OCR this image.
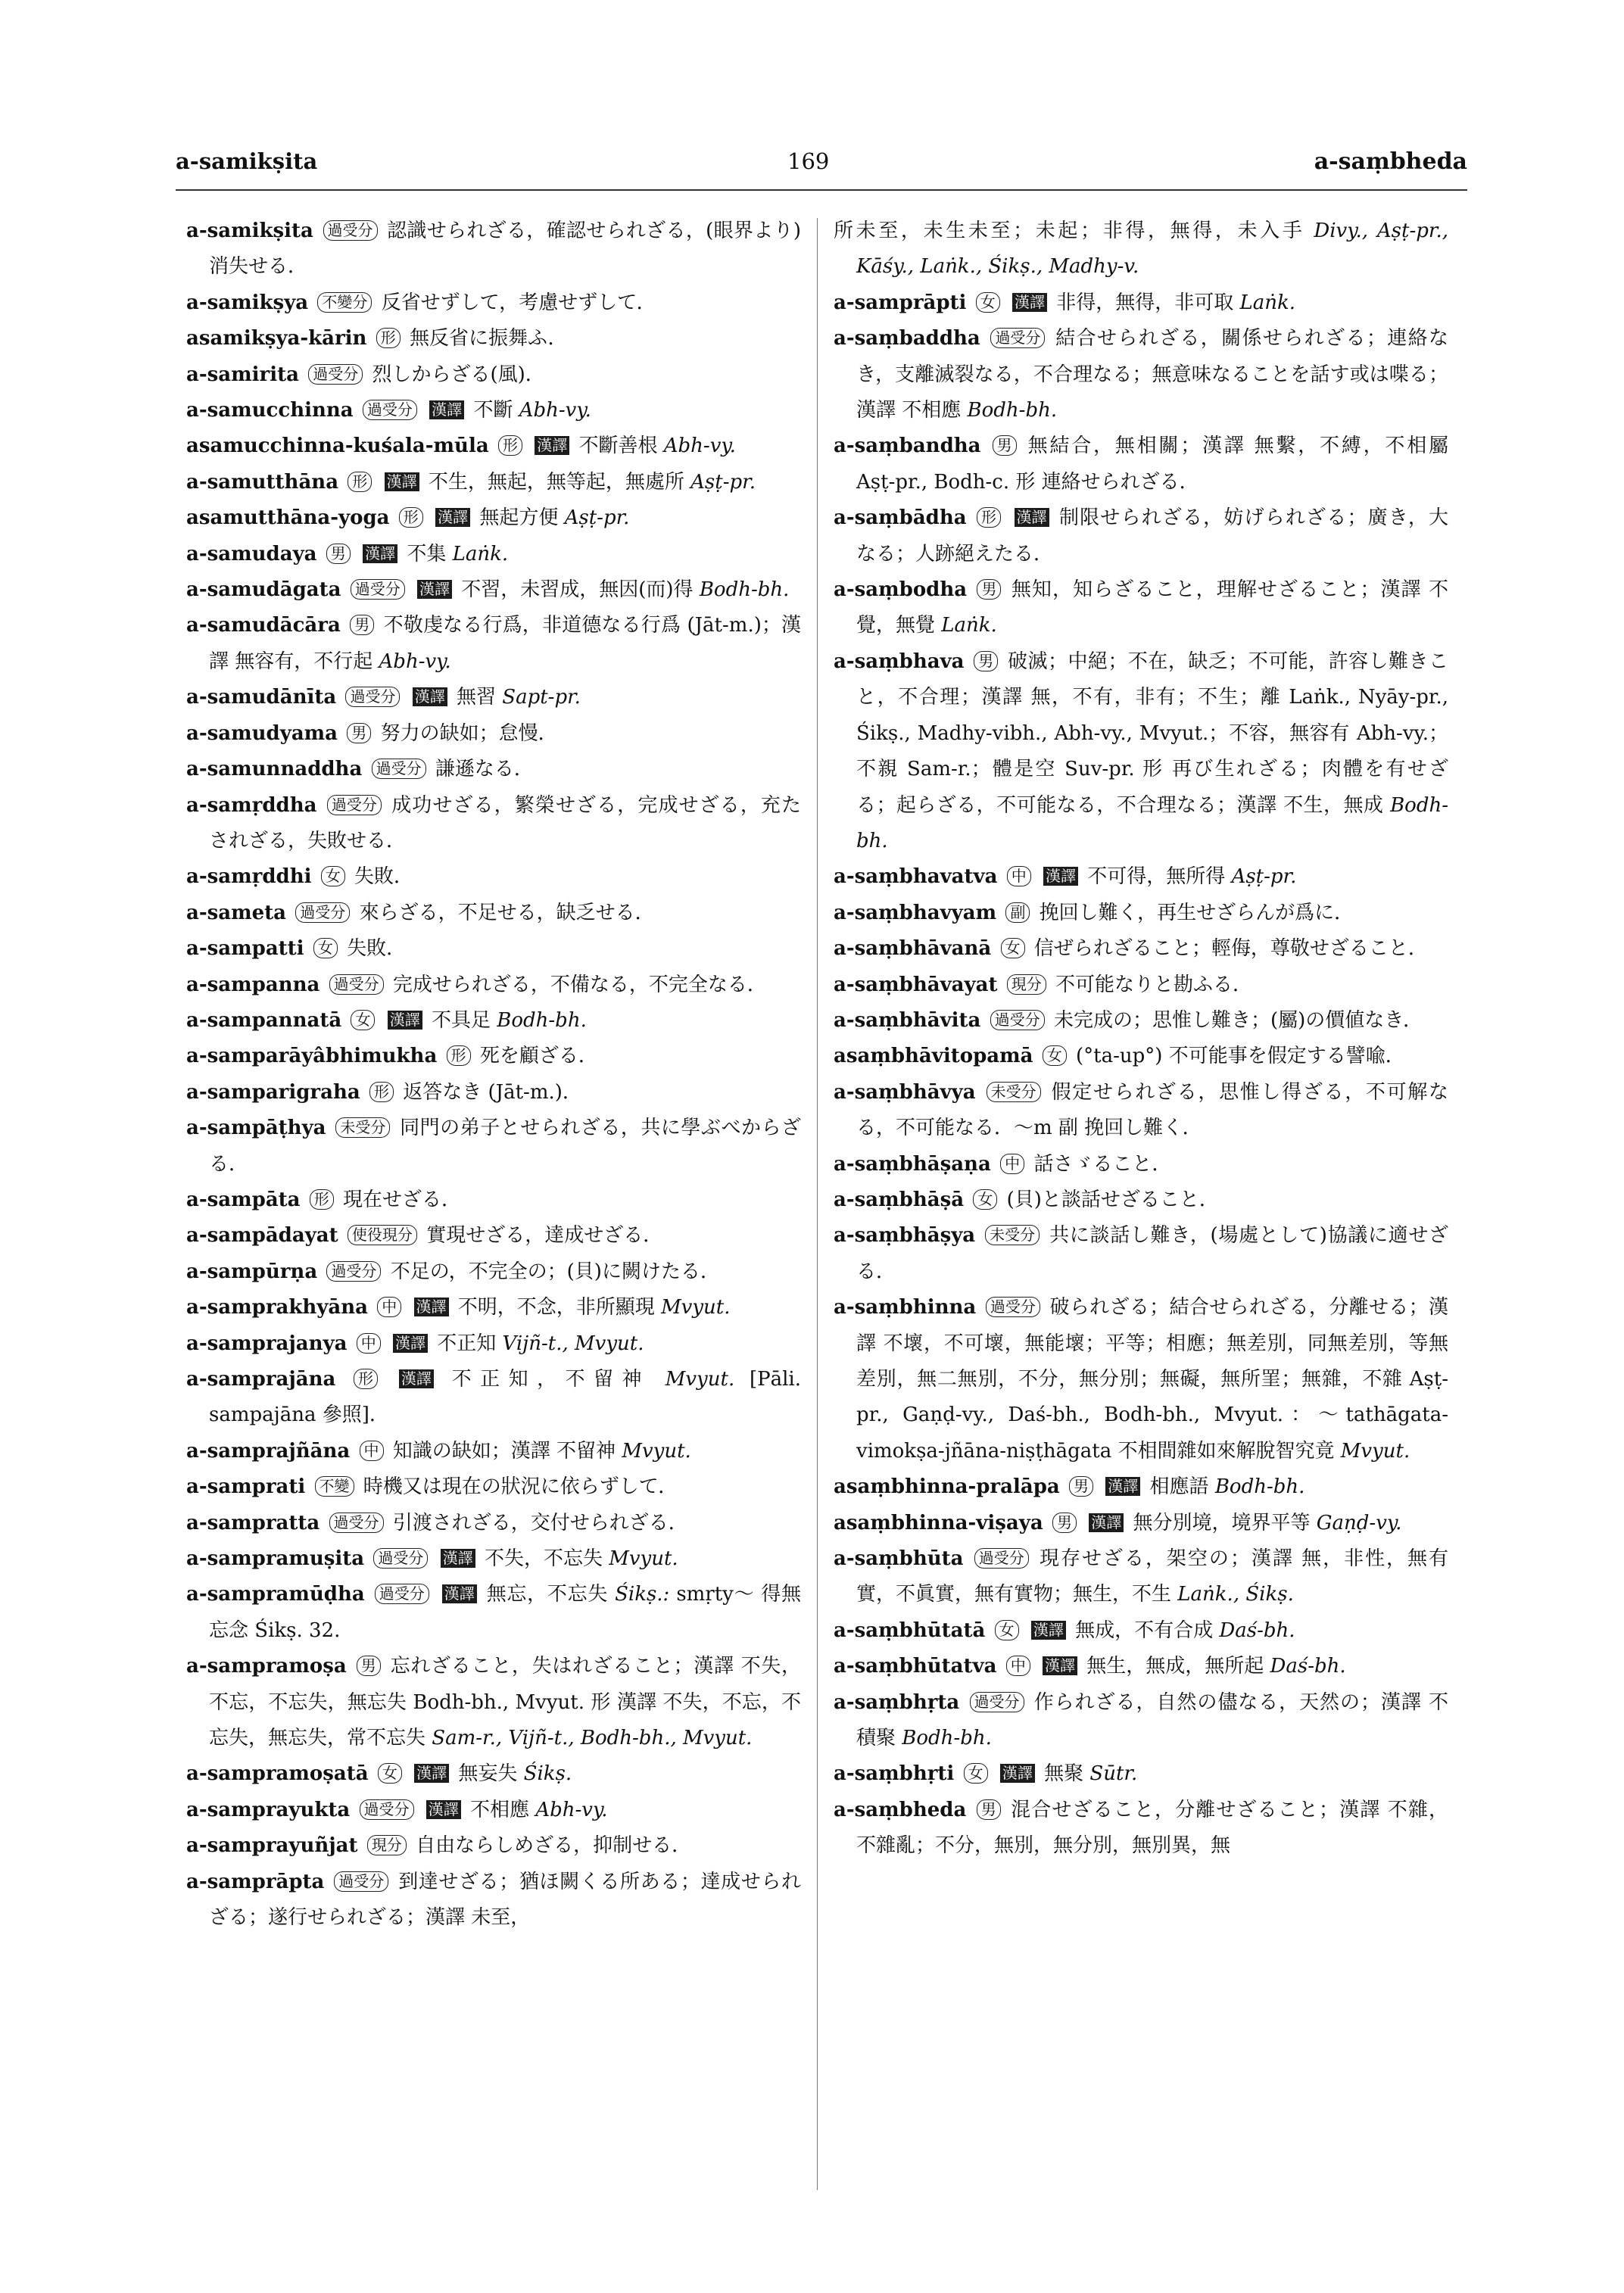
a-samikṣita	169	a-saṃbheda
a-samikṣita 過受分 認識せられざる，確認せられざる，(眼界より)消失せる．
a-samikṣya 不變分 反省せずして，考慮せずして．
asamikṣya-kārin 形 無反省に振舞ふ．
a-samirita 過受分 烈しからざる(風)．
a-samucchinna 過受分 漢譯 不斷 Abh-vy.
asamucchinna-kuśala-mūla 形 漢譯 不斷善根 Abh-vy.
a-samutthāna 形 漢譯 不生，無起，無等起，無處所 Aṣṭ-pr.
asamutthāna-yoga 形 漢譯 無起方便 Aṣṭ-pr.
a-samudaya 男 漢譯 不集 Laṅk.
a-samudāgata 過受分 漢譯 不習，未習成，無因(而)得 Bodh-bh.
a-samudācāra 男 不敬虔なる行爲，非道德なる行爲 (Jāt-m.)；漢譯 無容有，不行起 Abh-vy.
a-samudānīta 過受分 漢譯 無習 Sapt-pr.
a-samudyama 男 努力の缺如；怠慢．
a-samunnaddha 過受分 謙遜なる．
a-samṛddha 過受分 成功せざる，繁榮せざる，完成せざる，充たされざる，失敗せる．
a-samṛddhi 女 失敗．
a-sameta 過受分 來らざる，不足せる，缺乏せる．
a-sampatti 女 失敗．
a-sampanna 過受分 完成せられざる，不備なる，不完全なる．
a-sampannatā 女 漢譯 不具足 Bodh-bh.
a-samparāyâbhimukha 形 死を顧ざる．
a-samparigraha 形 返答なき (Jāt-m.)．
a-sampāṭhya 未受分 同門の弟子とせられざる，共に學ぶべからざる．
a-sampāta 形 現在せざる．
a-sampādayat 使役現分 實現せざる，達成せざる．
a-sampūrṇa 過受分 不足の，不完全の；(貝)に闕けたる．
a-samprakhyāna 中 漢譯 不明，不念，非所顯現 Mvyut.
a-samprajanya 中 漢譯 不正知 Vijñ-t., Mvyut.
a-samprajāna 形 漢譯 不正知，不留神 Mvyut. [Pāli. sampajāna 參照]．
a-samprajñāna 中 知識の缺如；漢譯 不留神 Mvyut.
a-samprati 不變 時機又は現在の狀況に依らずして．
a-sampratta 過受分 引渡されざる，交付せられざる．
a-sampramuṣita 過受分 漢譯 不失，不忘失 Mvyut.
a-sampramūḍha 過受分 漢譯 無忘，不忘失 Śikṣ.: smṛty～ 得無忘念 Śikṣ. 32.
a-sampramoṣa 男 忘れざること，失はれざること；漢譯 不失，不忘，不忘失，無忘失 Bodh-bh., Mvyut. 形 漢譯 不失，不忘，不忘失，無忘失，常不忘失 Sam-r., Vijñ-t., Bodh-bh., Mvyut.
a-sampramoṣatā 女 漢譯 無妄失 Śikṣ.
a-samprayukta 過受分 漢譯 不相應 Abh-vy.
a-samprayuñjat 現分 自由ならしめざる，抑制せる．
a-samprāpta 過受分 到達せざる；猶ほ闕くる所ある；達成せられざる；遂行せられざる；漢譯 未至，
所未至，未生未至；未起；非得，無得，未入手 Divy., Aṣṭ-pr., Kāśy., Laṅk., Śikṣ., Madhy-v.
a-samprāpti 女 漢譯 非得，無得，非可取 Laṅk.
a-saṃbaddha 過受分 結合せられざる，關係せられざる；連絡なき，支離滅裂なる，不合理なる；無意味なることを話す或は喋る；漢譯 不相應 Bodh-bh.
a-saṃbandha 男 無結合，無相關；漢譯 無繫，不縛，不相屬 Aṣṭ-pr., Bodh-c. 形 連絡せられざる．
a-saṃbādha 形 漢譯 制限せられざる，妨げられざる；廣き，大なる；人跡絕えたる．
a-saṃbodha 男 無知，知らざること，理解せざること；漢譯 不覺，無覺 Laṅk.
a-saṃbhava 男 破滅；中絕；不在，缺乏；不可能，許容し難きこと，不合理；漢譯 無，不有，非有；不生；離 Laṅk., Nyāy-pr., Śikṣ., Madhy-vibh., Abh-vy., Mvyut.；不容，無容有 Abh-vy.；不親 Sam-r.；體是空 Suv-pr. 形 再び生れざる；肉體を有せざる；起らざる，不可能なる，不合理なる；漢譯 不生，無成 Bodh-bh.
a-saṃbhavatva 中 漢譯 不可得，無所得 Aṣṭ-pr.
a-saṃbhavyam 副 挽回し難く，再生せざらんが爲に．
a-saṃbhāvanā 女 信ぜられざること；輕侮，尊敬せざること．
a-saṃbhāvayat 現分 不可能なりと勘ふる．
a-saṃbhāvita 過受分 未完成の；思惟し難き；(屬)の價値なき．
asaṃbhāvitopamā 女 (°ta-up°) 不可能事を假定する譬喩．
a-saṃbhāvya 未受分 假定せられざる，思惟し得ざる，不可解なる，不可能なる．～m 副 挽回し難く．
a-saṃbhāṣaṇa 中 話さゞること．
a-saṃbhāṣā 女 (貝)と談話せざること．
a-saṃbhāṣya 未受分 共に談話し難き，(場處として)協議に適せざる．
a-saṃbhinna 過受分 破られざる；結合せられざる，分離せる；漢譯 不壞，不可壞，無能壞；平等；相應；無差別，同無差別，等無差別，無二無別，不分，無分別；無礙，無所罣；無雜，不雜 Aṣṭ-pr., Gaṇḍ-vy., Daś-bh., Bodh-bh., Mvyut.：～tathāgata-vimokṣa-jñāna-niṣṭhāgata 不相間雜如來解脫智究竟 Mvyut.
asaṃbhinna-pralāpa 男 漢譯 相應語 Bodh-bh.
asaṃbhinna-viṣaya 男 漢譯 無分別境，境界平等 Gaṇḍ-vy.
a-saṃbhūta 過受分 現存せざる，架空の；漢譯 無，非性，無有實，不眞實，無有實物；無生，不生 Laṅk., Śikṣ.
a-saṃbhūtatā 女 漢譯 無成，不有合成 Daś-bh.
a-saṃbhūtatva 中 漢譯 無生，無成，無所起 Daś-bh.
a-saṃbhṛta 過受分 作られざる，自然の儘なる，天然の；漢譯 不積聚 Bodh-bh.
a-saṃbhṛti 女 漢譯 無聚 Sūtr.
a-saṃbheda 男 混合せざること，分離せざること；漢譯 不雜，不雜亂；不分，無別，無分別，無別異，無
